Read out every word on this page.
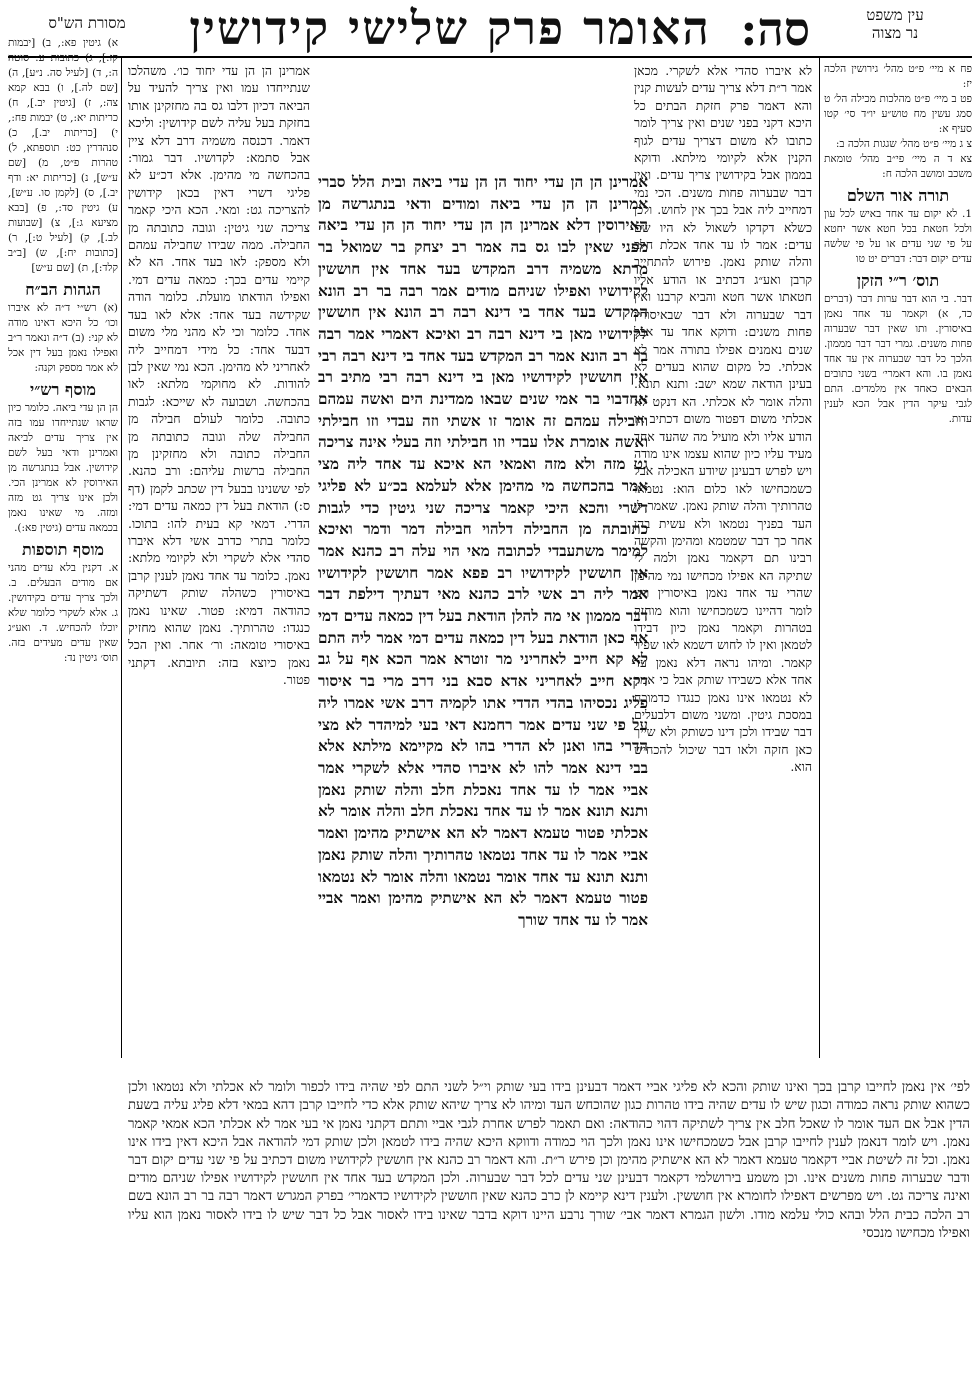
עין משפט
נר מצוה
סה:
האומר פרק שלישי קידושין
מסורת הש"ס

פח א מיי׳ פ״ט מהל׳ גירושין הלכה יז:

פט ב מיי׳ פ״ט מהלכות מכילה הל׳ ט סמג עשין מח טוש״ע יו״ד סי׳ קטו סעיף א:

צ ג מיי׳ פ״ט מהל׳ שגגות הלכה ב:

צא ד ה מיי׳ פי״ב מהל׳ טומאת משכב ומושב הלכה ח:

תורה אור השלם

1. לא יקום עד אחד באיש לכל עון ולכל חטאת בכל חטא אשר יחטא על פי שני עדים או על פי שלשה עדים יקום דבר: דברים יט טו

תוס׳ ר״י הזקן

דבר. בי הוא דבר ערות דבר (דברים כד, א) וקאמר עד אחד נאמן באיסורין. ותו שאין דבר שבערוה פחות משנים. גמרי דבר דבר מממון. הלכך כל דבר שבערוה אין עד אחד נאמן בו. והא דאמרי׳ בשני כתובים הבאים כאחד אין מלמדים. התם לגבי עיקר הדין אבל הכא לענין עדות.

א) גיטין פא:, ב) [יבמות קז.], ג) כתובות ע: סוטה ה:, ד) [לעיל סה. נ״ע], ה) [שם לה.], ו) בבא קמא צה:, ז) [גיטין יב.], ח) כריתות יא:, ט) יבמות פח:, י) [כריתות יב.], כ) סנהדרין כט: תוספתא, ל) טהרות פ״ט, מ) [שם ע״ש], נ) [כריתות יא: ודף יב.], ס) [לקמן סו. ע״ש], ע) גיטין סד:, פ) [בבא מציעא ג:], צ) [שבועות לב.], ק) [לעיל ט:], ר) [כתובות יח:], ש) [ב״ב קלד:], ת) [שם ע״ש]

הגהות הב״ח

(א) רש״י ד״ה לא איברו וכו׳ כל היכא דאינו מודה לא קני: (ב) ד״ה ונאמר ר״ב ואפילו נאמן בעל דין אכל לא אמר מספק וקנה:

מוסף רש״י

הן הן עדי ביאה. כלומר כיון שראו שנתייחדו עמו בזה אין צריך עדים לביאה ואמרינן ודאי בעל לשם קידושין. אבל בנתגרשה מן האירוסין לא אמרינן הכי. ולכן אינו צריך גט מזה ומזה. מי שאינו נאמן בכמאה עדים (גיטין פא:).

מוסף תוספות

א. דקנין בלא עדים מהני אם מודים הבעלים. ב. ולכך צריך עדים בקידושין. ג. אלא לשקרי כלומר שלא יוכלו להכחיש. ד. ואע״ג שאין עדים מעידים בזה. תוס׳ גיטין נד:

לא איברו סהדי אלא לשקרי. מכאן אמר ר״ת דלא צריך עדים לעשות קנין והא דאמר פרק חזקת הבתים כל היכא דקני בפני שנים ואין צריך לומר כתובו לא משום דצריך עדים לגוף הקנין אלא לקיומי מילתא. ודוקא בממון אבל בקידושין צריך עדים. ואין דבר שבערוה פחות משנים. הכי נמי דמחייב ליה אבל בכך אין לחוש. ולכן כשלא דקדקו לשאול לא היו שם עדים: אמר לו עד אחד אכלת חלב והלה שותק נאמן. פירוש להתחייב קרבן ואע״ג דכתיב או הודע אליו חטאתו אשר חטא והביא קרבנו ואין דבר שבערוה ולא דבר שבאיסורין פחות משנים: ודוקא אחד עד אבל שנים נאמנים אפילו בתורה אמר לא אכלתי. כל מקום שהוא בעדים לא בעינן הודאה שמא ישב: ותנא תונא. והלה אומר לא אכלתי. הא דנקט לא אכלתי משום דפטור משום דכתיב או הודע אליו ולא מועיל מה שהעד אחד מעיד עליו כיון שהוא עצמו אינו מודה ויש לפרש דבעינן שיודע האכילה אבל כשמכחישו לאו כלום הוא: נטמאו טהרותיך והלה שותק נאמן. שאמר לו העד בפניך נטמאו ולא עשית בהן אחר כך דבר שמטמא ומהימן והקשה רבינו תם דקאמר נאמן ולמה לי שתיקה הא אפילו מכחישו נמי מהימן שהרי עד אחד נאמן באיסורין ויש לומר דהיינו כשמכחישו והוא מוחזק בטהרות וקאמר נאמן כיון דבידו לטמאן ואין לו לחוש דשמא לאו שפיר קאמר. ומיהו נראה דלא נאמן עד אחד אלא כשבידו שותק אבל כי אמר לא נטמאו אינו נאמן כנגדו כדמוכח במסכת גיטין. ומשני משום דלבעלים דבר שבידו ולכן דינו כשותק ולא שייך כאן חזקה ולאו דבר שיכול להכחיש הוא.

אמרינן הן הן עדי יחוד הן הן עדי ביאה ובית הלל סברי אמרינן הן הן עדי ביאה ומודים ודאי בנתגרשה מן האירוסין דלא אמרינן הן הן עדי יחוד הן הן עדי ביאה מפני שאין לבו גס בה אמר רב יצחק בר שמואל בר מרתא משמיה דרב המקדש בעד אחד אין חוששין לקידושיו ואפילו שניהם מודים אמר רבה בר רב הונא המקדש בעד אחד בי דינא רבה רב הונא אין חוששין לקידושיו מאן בי דינא רבה רב ואיכא דאמרי אמר רבה בר רב הונא אמר רב המקדש בעד אחד בי דינא רבה רבי אין חוששין לקידושיו מאן בי דינא רבה רבי מתיב רב אחדבוי בר אמי שנים שבאו ממדינת הים ואשה עמהם וחבילה עמהם זה אומר זו אשתי וזה עבדי וזו חבילתי ואשה אומרת אלו עבדי וזו חבילתי וזה בעלי אינה צריכה גט מזה ולא מזה ואמאי הא איכא עד אחד ליה מצי אמר בהכחשה מי מהימן אלא לעלמא בכ״ע לא פליגי דשרי והכא היכי קאמר צריכה שני גיטין כדי לגבות כתובתה מן החבילה דלהוי חבילה דמר ודמר ואיכא למימר משתעבדי לכתובה מאי הוי עלה רב כהנא אמר אין חוששין לקידושיו רב פפא אמר חוששין לקידושיו אמר ליה רב אשי לרב כהנא מאי דעתיך דילפת דבר דבר מממון אי מה להלן הודאת בעל דין כמאה עדים דמי אף כאן הודאת בעל דין כמאה עדים דמי אמר ליה התם לא קא חייב לאחריני מר זוטרא אמר הכא אף על גב דקא חייב לאחריני אדא סבא בני דרב מרי בר איסור פליג נכסיהו בהדי הדדי אתו לקמיה דרב אשי אמרו ליה על פי שני עדים אמר רחמנא דאי בעי למיהדר לא מצי הדרי בהו ואנן לא הדרי בהו לא מקיימא מילתא אלא בבי דינא אמר להו לא איברו סהדי אלא לשקרי אמר אביי אמר לו עד אחד נאכלת חלב והלה שותק נאמן ותנא תונא אמר לו עד אחד נאכלת חלב והלה אומר לא אכלתי פטור טעמא דאמר לא הא אישתיק מהימן ואמר אביי אמר לו עד אחד נטמאו טהרותיך והלה שותק נאמן ותנא תונא עד אחד אומר נטמאו והלה אומר לא נטמאו פטור טעמא דאמר לא הא אישתיק מהימן ואמר אביי אמר לו עד אחד שורך

אמרינן הן הן עדי יחוד כו׳. משהלכו שנתייחדו עמו ואין צריך להעיד על הביאה דכיון דלבו גס בה מחזקינן אותו בחזקת בעל עליה לשם קידושין: וליכא דאמר. דכנסה משמיה דרב דלא ציין אבל סתמא: לקדושיו. דבר גמור: בהכחשה מי מהימן. אלא דכ״ע לא פליגי דשרי דאין בכאן קידושין להצריכה גט: ומאי. הכא היכי קאמר צריכה שני גיטין: וגובה כתובתה מן החבילה. ממה שבידו שחבילה עמהם ולא מספק: לאו בעד אחד. הא לא קיימי עדים בכך: כמאה עדים דמי. ואפילו הודאתו מועלת. כלומר הודה שקידשה בעד אחד: אלא לאו בעד אחד. כלומר וכי לא מהני מלי משום דבעד אחד: כל מידי דמחייב ליה לאחריני לא מהימן. הכא נמי שאין לבן להודות. לא מחוקמי מלתא: לאו בהכחשה. ושבועה לא שייכא: לגבות כתובה. כלומר לעולם חבילה מן החבילה שלה וגובה כתובתה מן החבילה כתובה ולא מחזקינן מן החבילה ברשות עליהם: ורב כהנא. לפי ששנינו בבעל דין שכתב לקמן (דף ס:) הודאת בעל דין כמאה עדים דמי: הדרי. דמאי קא בעית להו: בתוכו. כלומר בתרי כדרב אשי דלא איברו סהדי אלא לשקרי ולא לקיומי מלתא: נאמן. כלומר עד אחד נאמן לענין קרבן באיסורין כשהלה שותק דשתיקה כהודאה דמיא: פטור. שאינו נאמן כנגדו: טהרותיך. נאמן שהוא מחזיק באיסורי טומאה: ור׳ אחר. ואין הכל נאמן כיוצא בזה: תיובתא. דקתני פטור.

לפי׳ אין נאמן לחייבו קרבן בכך ואינו שותק והכא לא פליגי אביי דאמר דבעינן בידו בעי שותק וי״ל לשני התם לפי שהיה בידו לכפור ולומר לא אכלתי ולא נטמאו ולכן כשהוא שותק נראה כמודה וכגון שיש לו עדים שהיה בידו טהרות כגון שהוכחש העד ומיהו לא צריך שיהא שותק אלא כדי לחייבו קרבן דהא במאי דלא פליג עליה בשעת הדין אבל אם העד אומר לו שאכל חלב אין צריך לשתיקה דהוי כהודאה: ואם תאמר לפרש אחרת לגבי אביי ותתם דקתני נאמן אי בעי אמר לא אכלתי הכא אמאי קאמר נאמן. ויש לומר דנאמן לענין לחייבו קרבן אבל כשמכחישו אינו נאמן ולכך הוי כמודה ודווקא היכא שהיה בידו לטמאן ולכן שותק דמי להודאה אבל היכא דאין בידו אינו נאמן. וכל זה לשיטת אביי דקאמר טעמא דאמר לא הא אישתיק מהימן וכן פירש ר״ת. והא דאמר רב כהנא אין חוששין לקידושיו משום דכתיב על פי שני עדים יקום דבר ודבר שבערוה פחות משנים אינו. וכן משמע בירושלמי דקאמר דבעינן שני עדים לכל דבר שבערוה. ולכן המקדש בעד אחד אין חוששין לקידושיו אפילו שניהם מודים ואינה צריכה גט. ויש מפרשים דאפילו לחומרא אין חוששין. ולענין דינא קיימא לן כרב כהנא שאין חוששין לקידושיו כדאמרי׳ בפרק המגרש דאמר רבה בר רב הונא בשם רב הלכה כבית הלל ובהא כולי עלמא מודו. ולשון הגמרא דאמר אבי׳ שורך נרבע היינו דוקא בדבר שאינו בידו לאסור אבל כל דבר שיש לו בידו לאסור נאמן הוא עליו ואפילו מכחישו מנכסי
